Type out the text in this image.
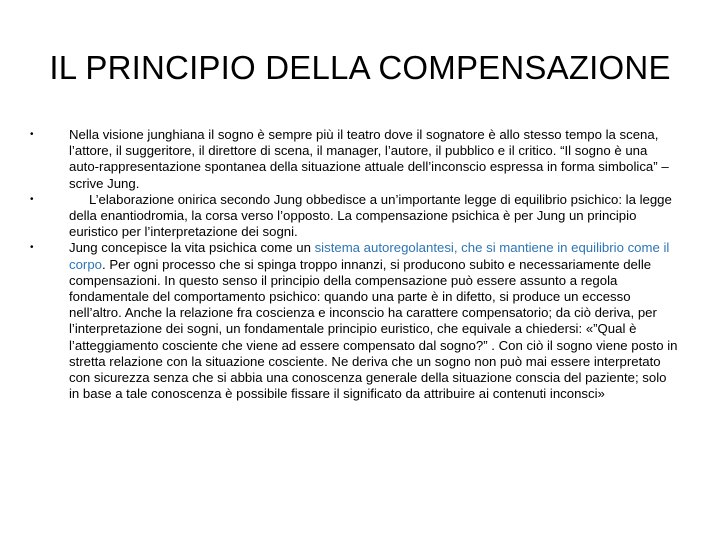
IL PRINCIPIO DELLA COMPENSAZIONE
•	Nella visione junghiana il sogno è sempre più il teatro dove il sognatore è allo stesso tempo la scena, l’attore, il suggeritore, il direttore di scena, il manager, l’autore, il pubblico e il critico. “Il sogno è una auto-rappresentazione spontanea della situazione attuale dell’inconscio espressa in forma simbolica” – scrive Jung.
•	L’elaborazione onirica secondo Jung obbedisce a un’importante legge di equilibrio psichico: la legge della enantiodromia, la corsa verso l’opposto. La compensazione psichica è per Jung un principio euristico per l’interpretazione dei sogni.
•	Jung concepisce la vita psichica come un sistema autoregolantesi, che si mantiene in equilibrio come il corpo. Per ogni processo che si spinga troppo innanzi, si producono subito e necessariamente delle compensazioni. In questo senso il principio della compensazione può essere assunto a regola fondamentale del comportamento psichico: quando una parte è in difetto, si produce un eccesso nell’altro. Anche la relazione fra coscienza e inconscio ha carattere compensatorio; da ciò deriva, per l’interpretazione dei sogni, un fondamentale principio euristico, che equivale a chiedersi: «”Qual è l’atteggiamento cosciente che viene ad essere compensato dal sogno?” . Con ciò il sogno viene posto in stretta relazione con la situazione cosciente. Ne deriva che un sogno non può mai essere interpretato con sicurezza senza che si abbia una conoscenza generale della situazione conscia del paziente; solo in base a tale conoscenza è possibile fissare il significato da attribuire ai contenuti inconsci»
